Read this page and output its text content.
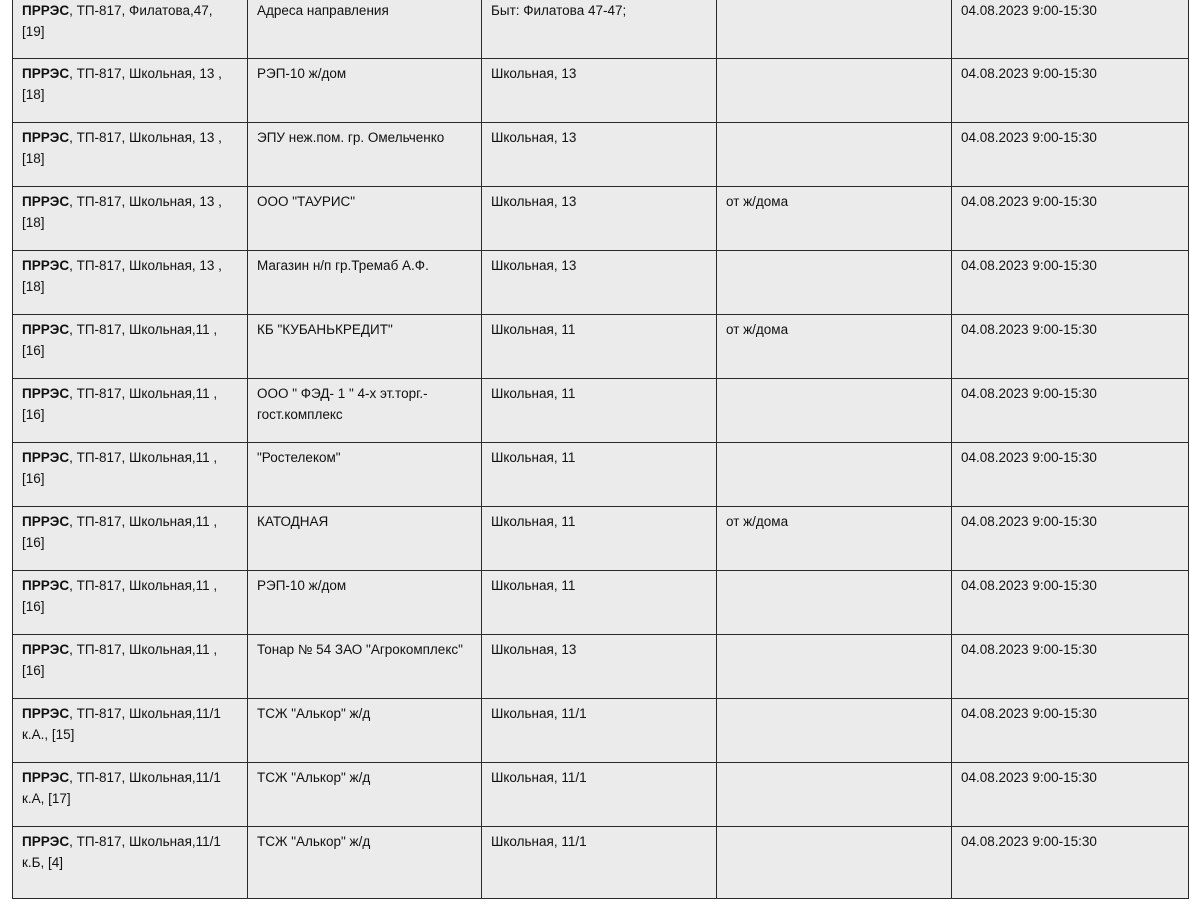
ПРРЭС, ТП-817, Филатова,47, [19]	Адреса направления	Быт: Филатова 47-47;		04.08.2023 9:00-15:30
ПРРЭС, ТП-817, Школьная, 13 , [18]	РЭП-10 ж/дом	Школьная, 13		04.08.2023 9:00-15:30
ПРРЭС, ТП-817, Школьная, 13 , [18]	ЭПУ неж.пом. гр. Омельченко	Школьная, 13		04.08.2023 9:00-15:30
ПРРЭС, ТП-817, Школьная, 13 , [18]	ООО "ТАУРИС"	Школьная, 13	от ж/дома	04.08.2023 9:00-15:30
ПРРЭС, ТП-817, Школьная, 13 , [18]	Магазин н/п гр.Тремаб А.Ф.	Школьная, 13		04.08.2023 9:00-15:30
ПРРЭС, ТП-817, Школьная,11 , [16]	КБ "КУБАНЬКРЕДИТ"	Школьная, 11	от ж/дома	04.08.2023 9:00-15:30
ПРРЭС, ТП-817, Школьная,11 , [16]	ООО " ФЭД- 1 " 4-х эт.торг.-гост.комплекс	Школьная, 11		04.08.2023 9:00-15:30
ПРРЭС, ТП-817, Школьная,11 , [16]	"Ростелеком"	Школьная, 11		04.08.2023 9:00-15:30
ПРРЭС, ТП-817, Школьная,11 , [16]	КАТОДНАЯ	Школьная, 11	от ж/дома	04.08.2023 9:00-15:30
ПРРЭС, ТП-817, Школьная,11 , [16]	РЭП-10 ж/дом	Школьная, 11		04.08.2023 9:00-15:30
ПРРЭС, ТП-817, Школьная,11 , [16]	Тонар № 54 ЗАО "Агрокомплекс"	Школьная, 13		04.08.2023 9:00-15:30
ПРРЭС, ТП-817, Школьная,11/1 к.А., [15]	ТСЖ "Алькор" ж/д	Школьная, 11/1		04.08.2023 9:00-15:30
ПРРЭС, ТП-817, Школьная,11/1 к.А, [17]	ТСЖ "Алькор" ж/д	Школьная, 11/1		04.08.2023 9:00-15:30
ПРРЭС, ТП-817, Школьная,11/1 к.Б, [4]	ТСЖ "Алькор" ж/д	Школьная, 11/1		04.08.2023 9:00-15:30
